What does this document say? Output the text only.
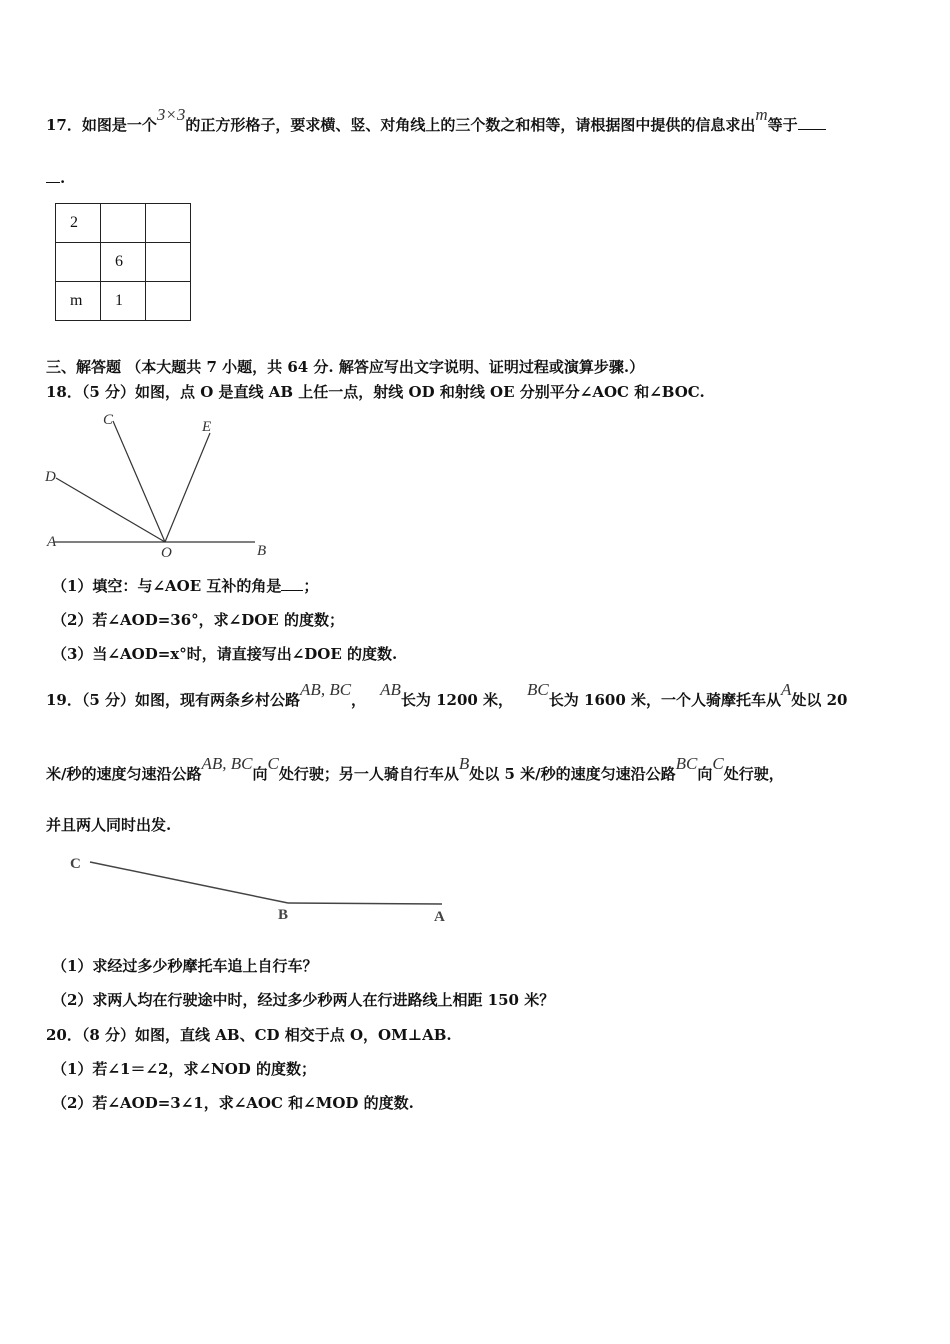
17．如图是一个3×3的正方形格子，要求横、竖、对角线上的三个数之和相等，请根据图中提供的信息求出m等于
.
2		
	6	
m	1	
三、解答题 （本大题共 7 小题，共 64 分. 解答应写出文字说明、证明过程或演算步骤.）
18．（5 分）如图，点 O 是直线 AB 上任一点，射线 OD 和射线 OE 分别平分∠AOC 和∠BOC.
C	E
D
A
O	B
（1）填空：与∠AOE 互补的角是 ；
（2）若∠AOD=36°，求∠DOE 的度数；
（3）当∠AOD=x°时，请直接写出∠DOE 的度数.
19．（5 分）如图，现有两条乡村公路AB, BC，AB长为 1200 米，BC长为 1600 米，一个人骑摩托车从A处以 20
米/秒的速度匀速沿公路AB, BC向C处行驶；另一人骑自行车从B处以 5 米/秒的速度匀速沿公路BC向C处行驶，
并且两人同时出发.
C
B	A
（1）求经过多少秒摩托车追上自行车？
（2）求两人均在行驶途中时，经过多少秒两人在行进路线上相距 150 米？
20．（8 分）如图，直线 AB、CD 相交于点 O，OM⊥AB.
（1）若∠1＝∠2，求∠NOD 的度数；
（2）若∠AOD=3∠1，求∠AOC 和∠MOD 的度数.
